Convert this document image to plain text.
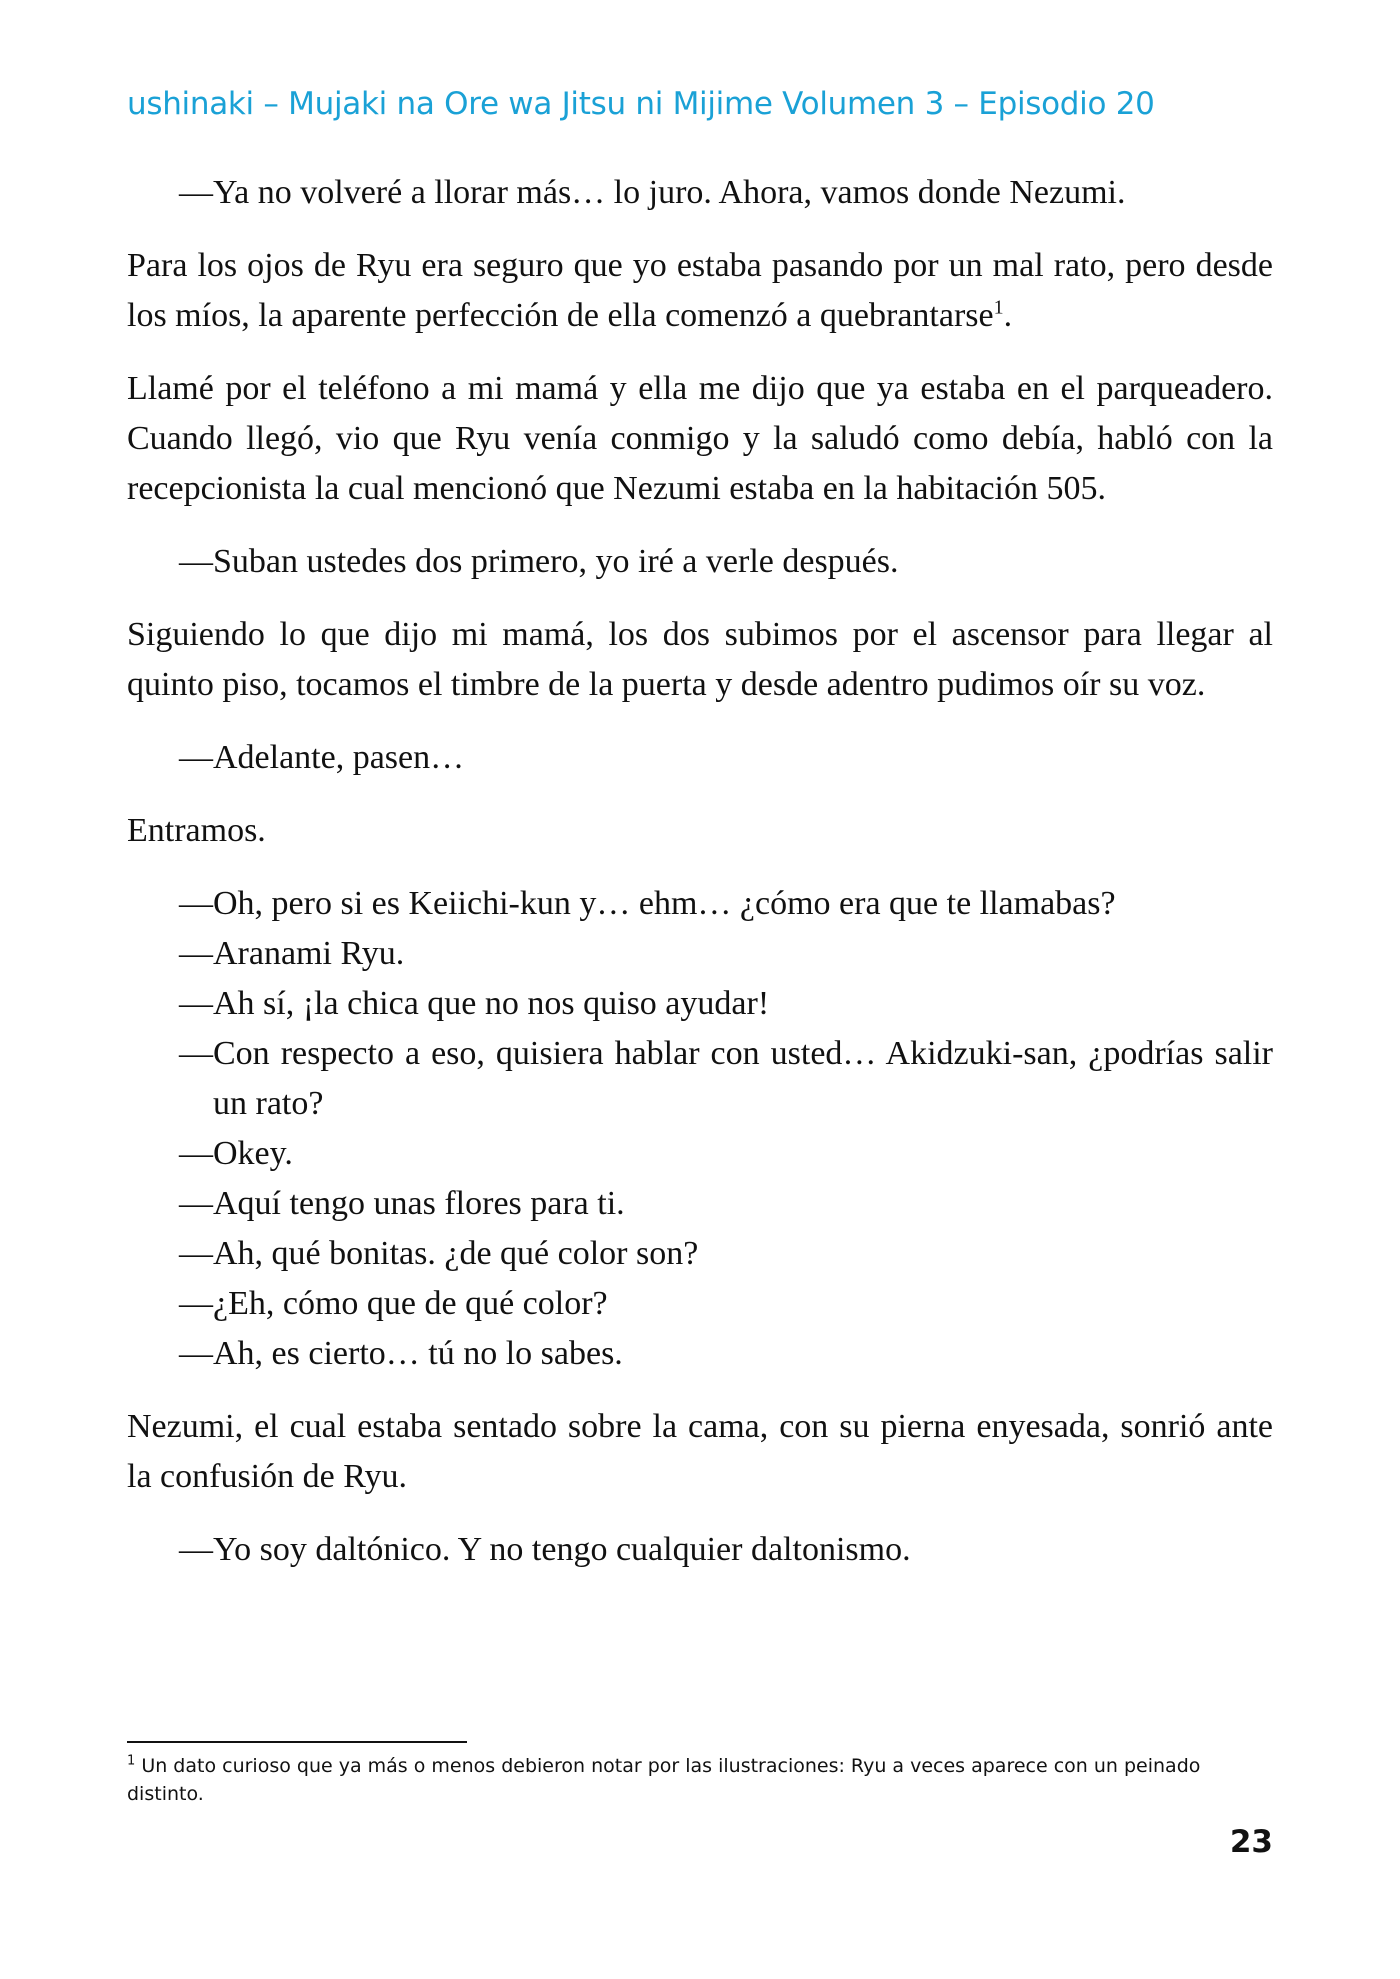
ushinaki – Mujaki na Ore wa Jitsu ni Mijime Volumen 3 – Episodio 20
— Ya no volveré a llorar más… lo juro. Ahora, vamos donde Nezumi.

Para los ojos de Ryu era seguro que yo estaba pasando por un mal rato, pero desde los míos, la aparente perfección de ella comenzó a quebrantarse$^1$.

Llamé por el teléfono a mi mamá y ella me dijo que ya estaba en el parqueadero. Cuando llegó, vio que Ryu venía conmigo y la saludó como debía, habló con la recepcionista la cual mencionó que Nezumi estaba en la habitación 505.

— Suban ustedes dos primero, yo iré a verle después.

Siguiendo lo que dijo mi mamá, los dos subimos por el ascensor para llegar al quinto piso, tocamos el timbre de la puerta y desde adentro pudimos oír su voz.

— Adelante, pasen…

Entramos.

— Oh, pero si es Keiichi-kun y… ehm… ¿cómo era que te llamabas?
— Aranami Ryu.
— Ah sí, ¡la chica que no nos quiso ayudar!
— Con respecto a eso, quisiera hablar con usted… Akidzuki-san, ¿podrías salir un rato?
— Okey.
— Aquí tengo unas flores para ti.
— Ah, qué bonitas. ¿de qué color son?
— ¿Eh, cómo que de qué color?
— Ah, es cierto… tú no lo sabes.

Nezumi, el cual estaba sentado sobre la cama, con su pierna enyesada, sonrió ante la confusión de Ryu.

— Yo soy daltónico. Y no tengo cualquier daltonismo.
$^1$ Un dato curioso que ya más o menos debieron notar por las ilustraciones: Ryu a veces aparece con un peinado distinto.
23
